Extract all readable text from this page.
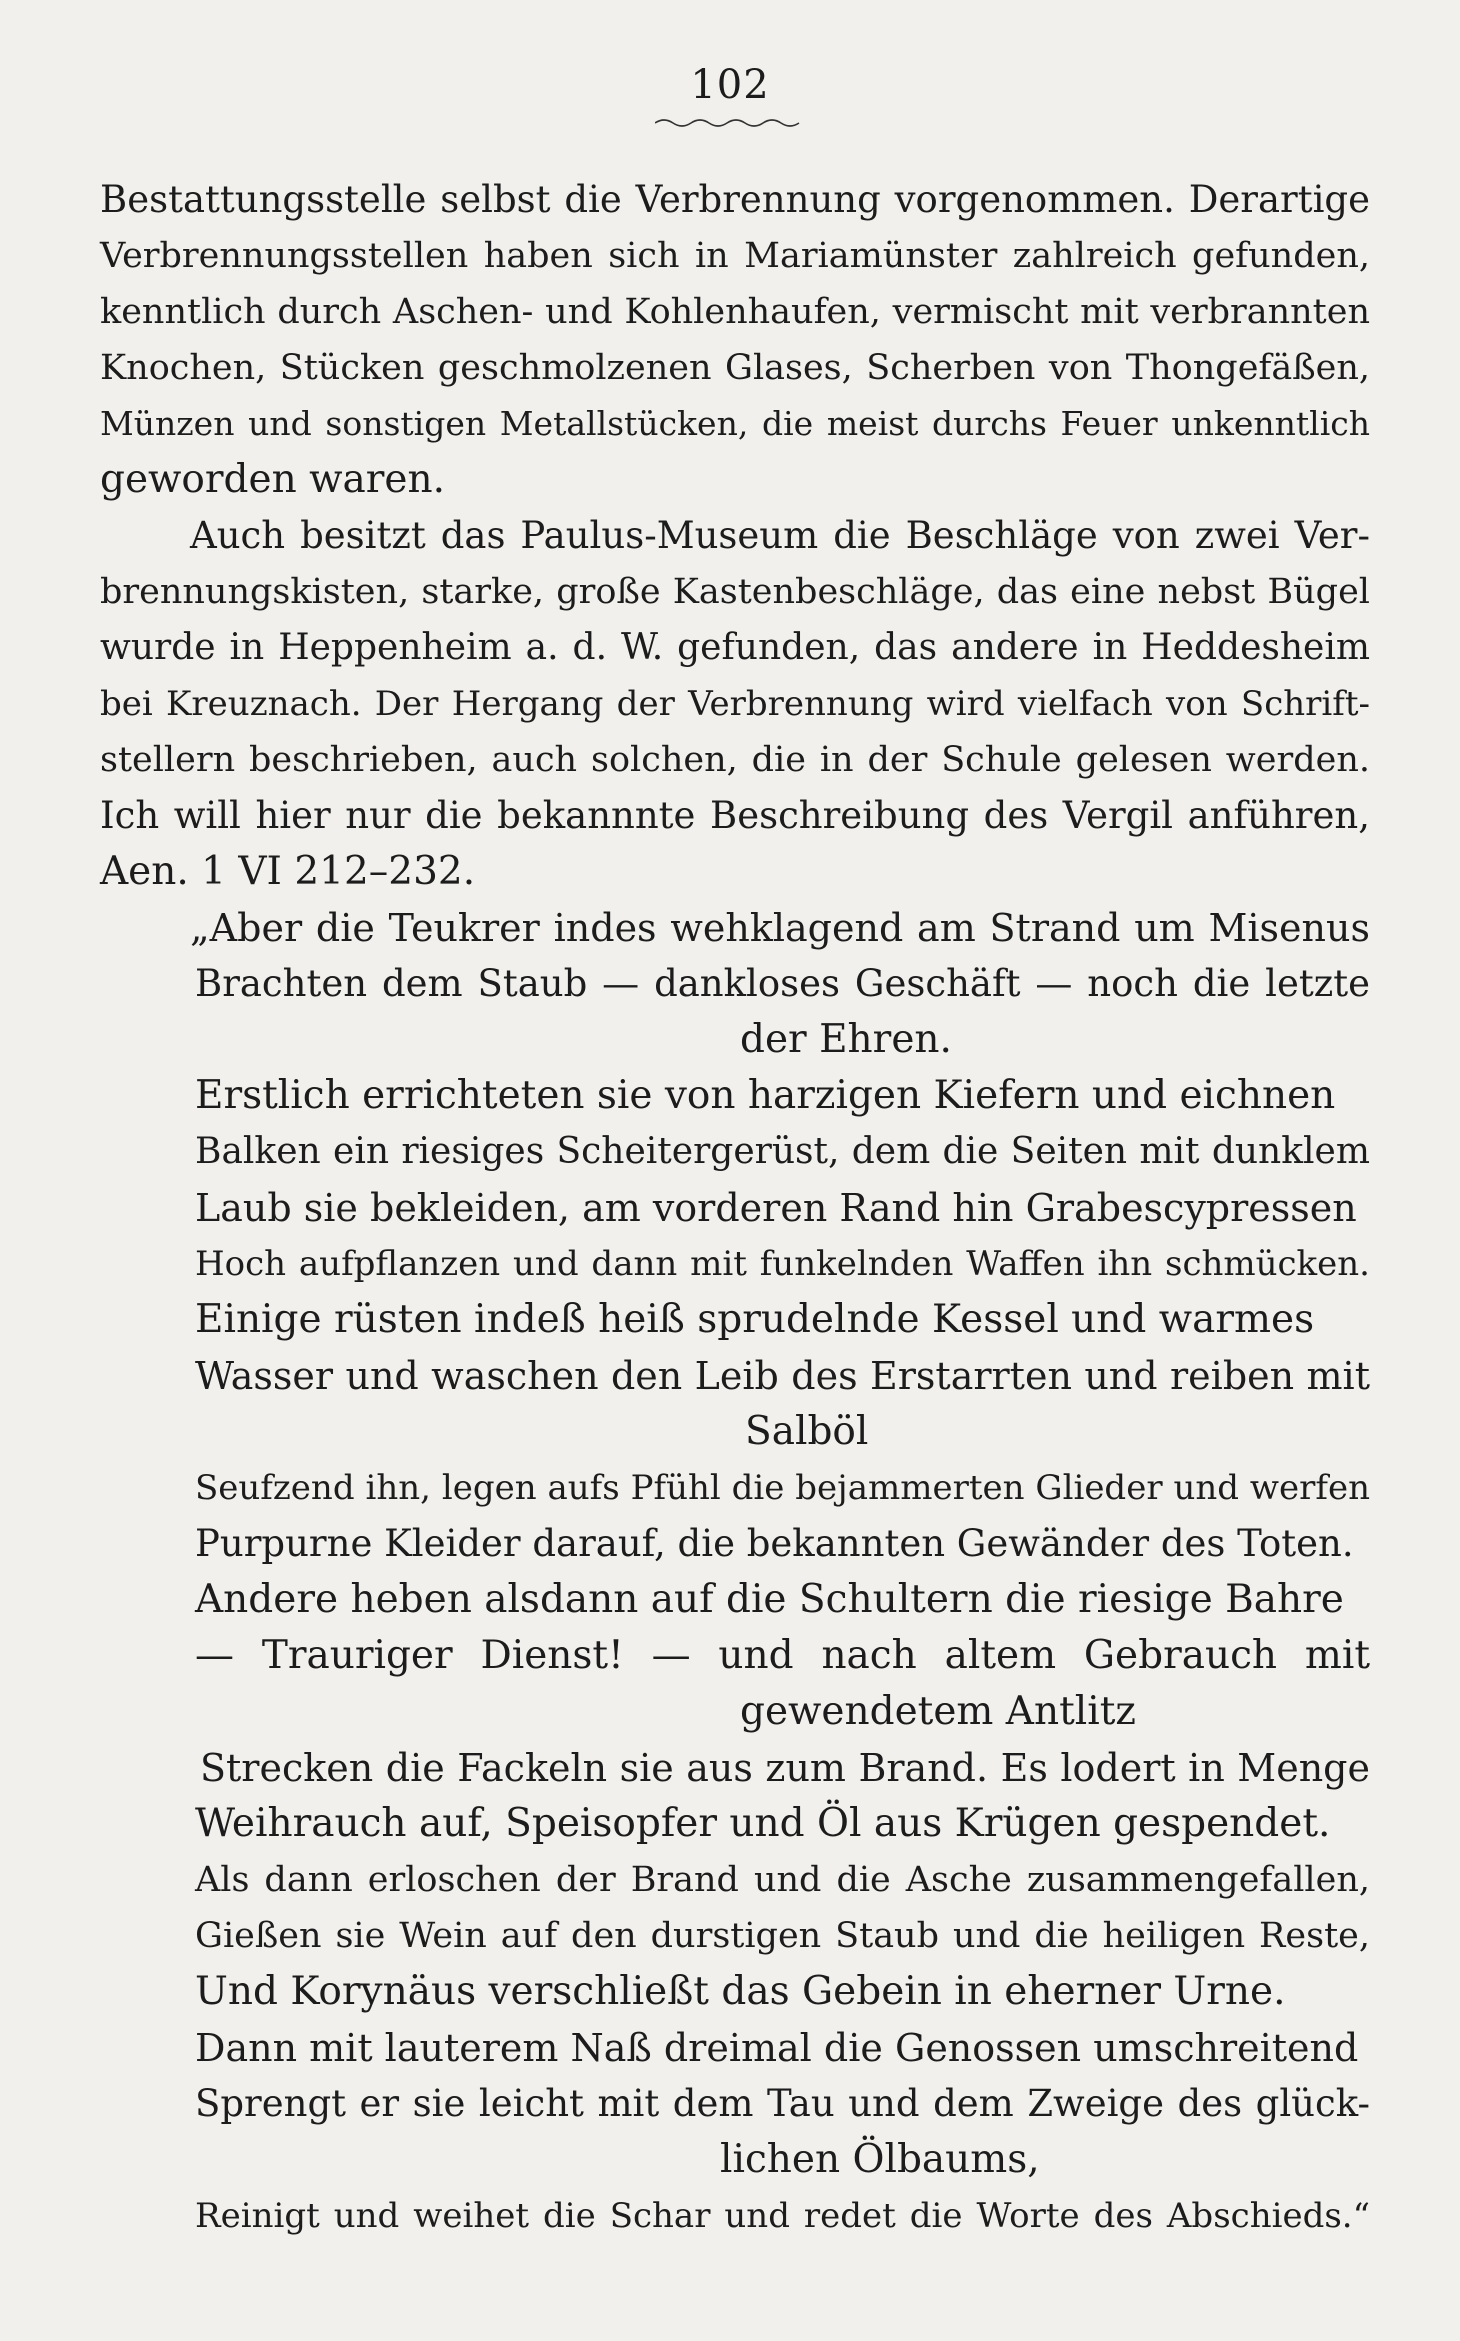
102
Bestattungsstelle selbst die Verbrennung vorgenommen. Derartige
Verbrennungsstellen haben sich in Mariamünster zahlreich gefunden,
kenntlich durch Aschen- und Kohlenhaufen, vermischt mit verbrannten
Knochen, Stücken geschmolzenen Glases, Scherben von Thongefäßen,
Münzen und sonstigen Metallstücken, die meist durchs Feuer unkenntlich
geworden waren.
Auch besitzt das Paulus-Museum die Beschläge von zwei Ver-
brennungskisten, starke, große Kastenbeschläge, das eine nebst Bügel
wurde in Heppenheim a. d. W. gefunden, das andere in Heddesheim
bei Kreuznach. Der Hergang der Verbrennung wird vielfach von Schrift-
stellern beschrieben, auch solchen, die in der Schule gelesen werden.
Ich will hier nur die bekannnte Beschreibung des Vergil anführen,
Aen. 1 VI 212–232.
„Aber die Teukrer indes wehklagend am Strand um Misenus
Brachten dem Staub — dankloses Geschäft — noch die letzte
der Ehren.
Erstlich errichteten sie von harzigen Kiefern und eichnen
Balken ein riesiges Scheitergerüst, dem die Seiten mit dunklem
Laub sie bekleiden, am vorderen Rand hin Grabescypressen
Hoch aufpflanzen und dann mit funkelnden Waffen ihn schmücken.
Einige rüsten indeß heiß sprudelnde Kessel und warmes
Wasser und waschen den Leib des Erstarrten und reiben mit
Salböl
Seufzend ihn, legen aufs Pfühl die bejammerten Glieder und werfen
Purpurne Kleider darauf, die bekannten Gewänder des Toten.
Andere heben alsdann auf die Schultern die riesige Bahre
— Trauriger Dienst! — und nach altem Gebrauch mit
gewendetem Antlitz
Strecken die Fackeln sie aus zum Brand. Es lodert in Menge
Weihrauch auf, Speisopfer und Öl aus Krügen gespendet.
Als dann erloschen der Brand und die Asche zusammengefallen,
Gießen sie Wein auf den durstigen Staub und die heiligen Reste,
Und Korynäus verschließt das Gebein in eherner Urne.
Dann mit lauterem Naß dreimal die Genossen umschreitend
Sprengt er sie leicht mit dem Tau und dem Zweige des glück-
lichen Ölbaums,
Reinigt und weihet die Schar und redet die Worte des Abschieds.“
